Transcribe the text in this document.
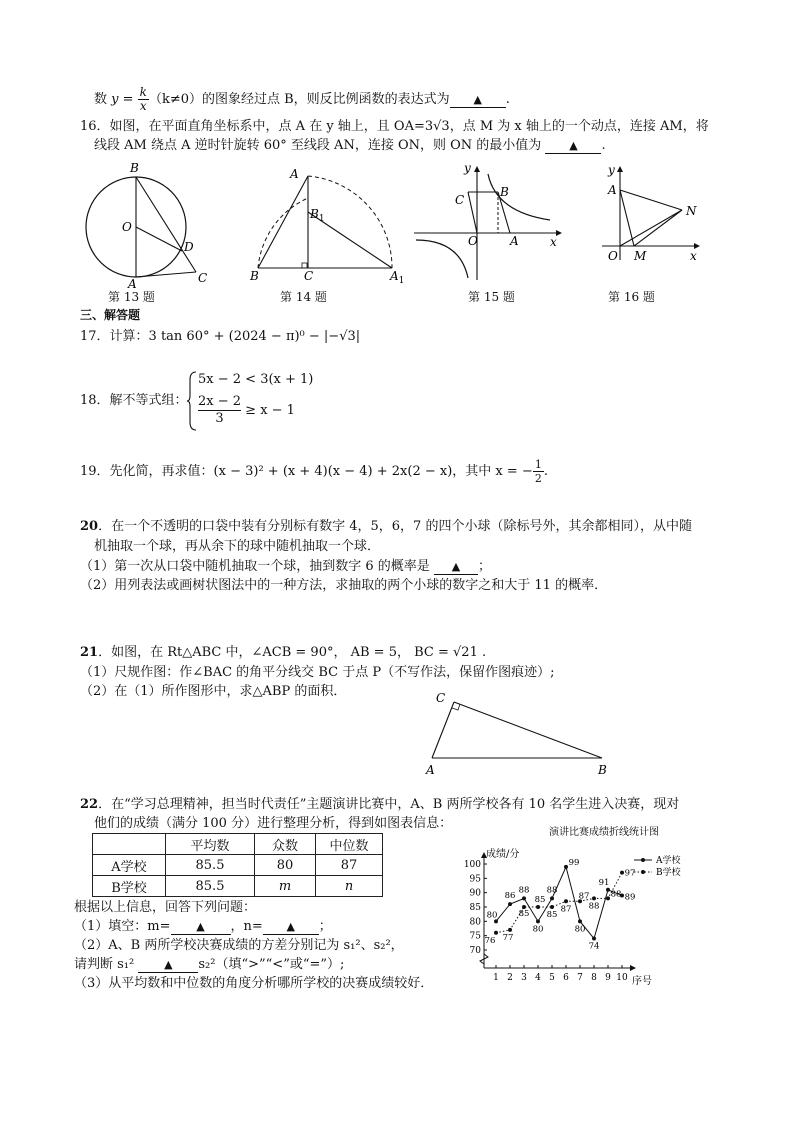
数 $y = \frac{k}{x} (k\ne 0)$的图象经过点 B，则反比例函数的表达式为 ▲ .
16．如图，在平面直角坐标系中，点 A 在 y 轴上，且 OA=3√3，点 M 为 x 轴上的一个动点，连接 AM，将
线段 AM 绕点 A 逆时针旋转 60° 至线段 AN，连接 ON，则 ON 的最小值为	▲ .
B
O
D
A	C
A
$B_1$
B	C	$A_1$
y
C
B
O	A	x
y
A
N
O M	x
第 13 题	第 14 题	第 15 题	第 16 题
三、解答题
17．计算：3 tan 60° + (2024 − π)⁰ − |−√3|
18．解不等式组：
5x − 2 < 3(x + 1)
$\frac{2x - 2}{3} \ge x - 1$
19．先化简，再求值：(x − 3)² + (x + 4)(x − 4) + 2x(2 − x)，其中 x = − $\frac{1}{2}$ .
20．在一个不透明的口袋中装有分别标有数字 4，5，6，7 的四个小球（除标号外，其余都相同），从中随
机抽取一个球，再从余下的球中随机抽取一个球．
（1）第一次从口袋中随机抽取一个球，抽到数字 6 的概率是 ▲ ；
（2）用列表法或画树状图法中的一种方法，求抽取的两个小球的数字之和大于 11 的概率．
21．如图，在 Rt△ABC 中，∠ACB = 90°， AB = 5， BC = √21 .
（1）尺规作图：作∠BAC 的角平分线交 BC 于点 P（不写作法，保留作图痕迹）;
（2）在（1）所作图形中，求△ABP 的面积．	C
A	B
22．在“学习总理精神，担当时代责任”主题演讲比赛中，A、B 两所学校各有 10 名学生进入决赛，现对
他们的成绩（满分 100 分）进行整理分析，得到如图表信息：
	平均数	众数	中位数
A学校	85.5	80	87
B学校	85.5	m	n
根据以上信息，回答下列问题：
（1）填空：m= ▲ ，n= ▲ ；
（2）A、B 两所学校决赛成绩的方差分别记为 s₁²、s₂²，
请判断 s₁²	▲ s₂²（填“>”“<”或“=”）;
（3）从平均数和中位数的角度分析哪所学校的决赛成绩较好．
演讲比赛成绩折线统计图
成绩/分
序号
70
75
80
85
90
95
100
1 2 3 4 5 6 7 8 9 10
80
86
88
80
88
99
80
74
91
89
76 77
85
85
85
87
87
88
88
97
A学校
B学校
